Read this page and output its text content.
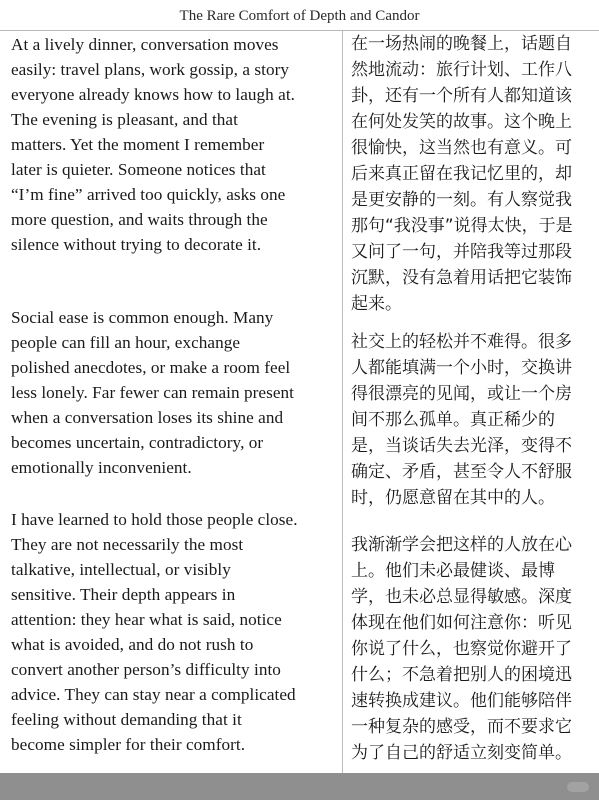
The Rare Comfort of Depth and Candor
At a lively dinner, conversation moves
easily: travel plans, work gossip, a story
everyone already knows how to laugh at.
The evening is pleasant, and that
matters. Yet the moment I remember
later is quieter. Someone notices that
“I’m fine” arrived too quickly, asks one
more question, and waits through the
silence without trying to decorate it.
Social ease is common enough. Many
people can fill an hour, exchange
polished anecdotes, or make a room feel
less lonely. Far fewer can remain present
when a conversation loses its shine and
becomes uncertain, contradictory, or
emotionally inconvenient.
I have learned to hold those people close.
They are not necessarily the most
talkative, intellectual, or visibly
sensitive. Their depth appears in
attention: they hear what is said, notice
what is avoided, and do not rush to
convert another person’s difficulty into
advice. They can stay near a complicated
feeling without demanding that it
become simpler for their comfort.
在一场热闹的晚餐上，话题自
然地流动：旅行计划、工作八
卦，还有一个所有人都知道该
在何处发笑的故事。这个晚上
很愉快，这当然也有意义。可
后来真正留在我记忆里的，却
是更安静的一刻。有人察觉我
那句“我没事”说得太快，于是
又问了一句，并陪我等过那段
沉默，没有急着用话把它装饰
起来。
社交上的轻松并不难得。很多
人都能填满一个小时，交换讲
得很漂亮的见闻，或让一个房
间不那么孤单。真正稀少的
是，当谈话失去光泽，变得不
确定、矛盾，甚至令人不舒服
时，仍愿意留在其中的人。
我渐渐学会把这样的人放在心
上。他们未必最健谈、最博
学，也未必总显得敏感。深度
体现在他们如何注意你：听见
你说了什么，也察觉你避开了
什么；不急着把别人的困境迅
速转换成建议。他们能够陪伴
一种复杂的感受，而不要求它
为了自己的舒适立刻变简单。
